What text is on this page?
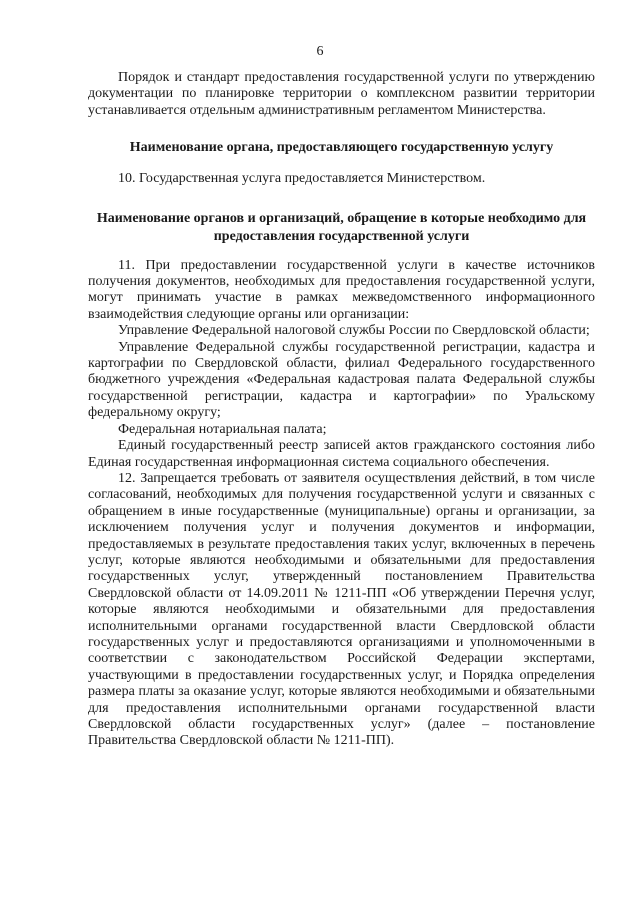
6

Порядок и стандарт предоставления государственной услуги по утверждению документации по планировке территории о комплексном развитии территории устанавливается отдельным административным регламентом Министерства.

Наименование органа, предоставляющего государственную услугу

10. Государственная услуга предоставляется Министерством.

Наименование органов и организаций, обращение в которые необходимо для предоставления государственной услуги

11. При предоставлении государственной услуги в качестве источников получения документов, необходимых для предоставления государственной услуги, могут принимать участие в рамках межведомственного информационного взаимодействия следующие органы или организации:

Управление Федеральной налоговой службы России по Свердловской области;

Управление Федеральной службы государственной регистрации, кадастра и картографии по Свердловской области, филиал Федерального государственного бюджетного учреждения «Федеральная кадастровая палата Федеральной службы государственной регистрации, кадастра и картографии» по Уральскому федеральному округу;

Федеральная нотариальная палата;

Единый государственный реестр записей актов гражданского состояния либо Единая государственная информационная система социального обеспечения.

12. Запрещается требовать от заявителя осуществления действий, в том числе согласований, необходимых для получения государственной услуги и связанных с обращением в иные государственные (муниципальные) органы и организации, за исключением получения услуг и получения документов и информации, предоставляемых в результате предоставления таких услуг, включенных в перечень услуг, которые являются необходимыми и обязательными для предоставления государственных услуг, утвержденный постановлением Правительства Свердловской области от 14.09.2011 № 1211-ПП «Об утверждении Перечня услуг, которые являются необходимыми и обязательными для предоставления исполнительными органами государственной власти Свердловской области государственных услуг и предоставляются организациями и уполномоченными в соответствии с законодательством Российской Федерации экспертами, участвующими в предоставлении государственных услуг, и Порядка определения размера платы за оказание услуг, которые являются необходимыми и обязательными для предоставления исполнительными органами государственной власти Свердловской области государственных услуг» (далее – постановление Правительства Свердловской области № 1211-ПП).
